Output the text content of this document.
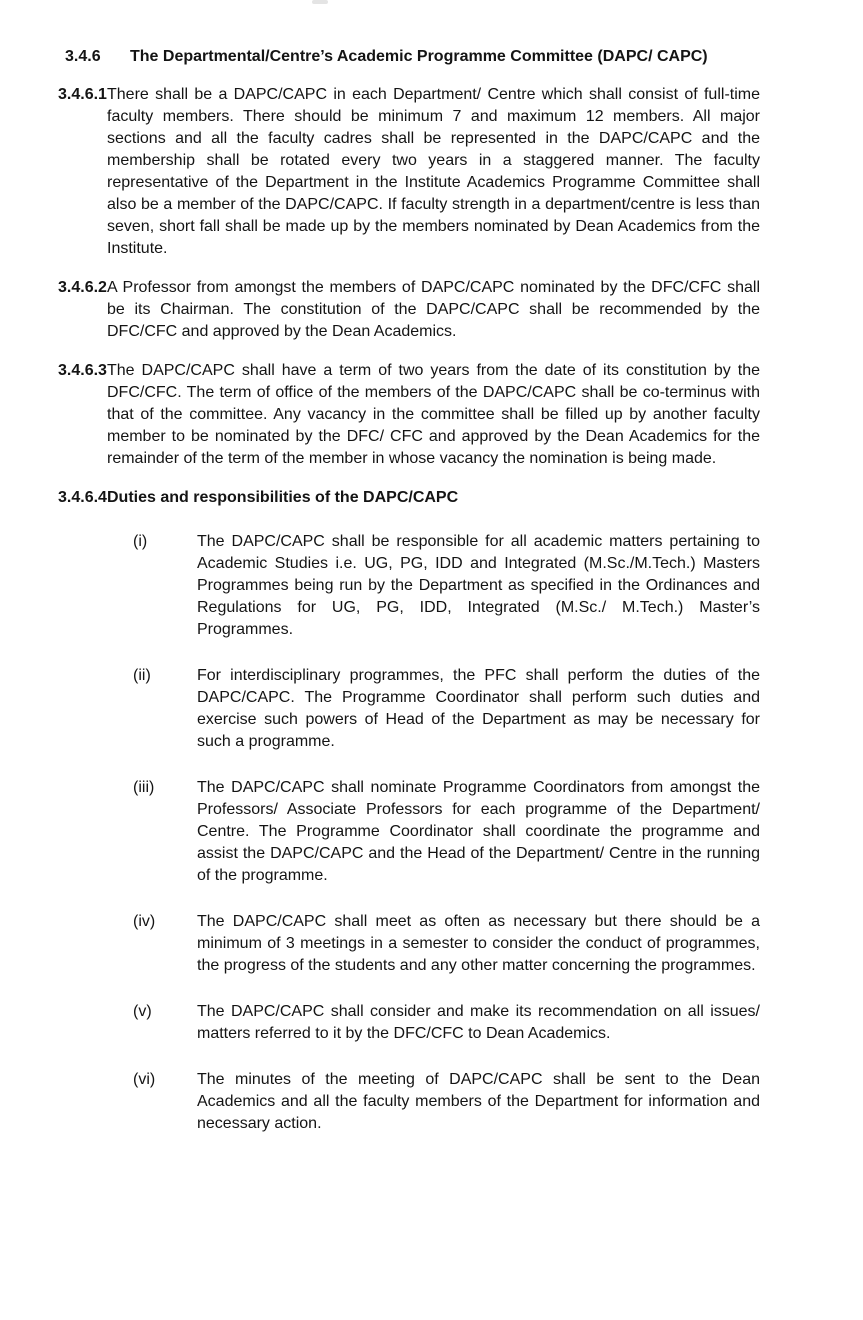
3.4.6	The Departmental/Centre’s Academic Programme Committee (DAPC/ CAPC)
3.4.6.1 There shall be a DAPC/CAPC in each Department/ Centre which shall consist of full-time faculty members. There should be minimum 7 and maximum 12 members. All major sections and all the faculty cadres shall be represented in the DAPC/CAPC and the membership shall be rotated every two years in a staggered manner. The faculty representative of the Department in the Institute Academics Programme Committee shall also be a member of the DAPC/CAPC. If faculty strength in a department/centre is less than seven, short fall shall be made up by the members nominated by Dean Academics from the Institute.
3.4.6.2 A Professor from amongst the members of DAPC/CAPC nominated by the DFC/CFC shall be its Chairman. The constitution of the DAPC/CAPC shall be recommended by the DFC/CFC and approved by the Dean Academics.
3.4.6.3 The DAPC/CAPC shall have a term of two years from the date of its constitution by the DFC/CFC. The term of office of the members of the DAPC/CAPC shall be co-terminus with that of the committee. Any vacancy in the committee shall be filled up by another faculty member to be nominated by the DFC/ CFC and approved by the Dean Academics for the remainder of the term of the member in whose vacancy the nomination is being made.
3.4.6.4 Duties and responsibilities of the DAPC/CAPC
(i)	The DAPC/CAPC shall be responsible for all academic matters pertaining to Academic Studies i.e. UG, PG, IDD and Integrated (M.Sc./M.Tech.) Masters Programmes being run by the Department as specified in the Ordinances and Regulations for UG, PG, IDD, Integrated (M.Sc./ M.Tech.) Master’s Programmes.
(ii)	For interdisciplinary programmes, the PFC shall perform the duties of the DAPC/CAPC. The Programme Coordinator shall perform such duties and exercise such powers of Head of the Department as may be necessary for such a programme.
(iii)	The DAPC/CAPC shall nominate Programme Coordinators from amongst the Professors/ Associate Professors for each programme of the Department/ Centre. The Programme Coordinator shall coordinate the programme and assist the DAPC/CAPC and the Head of the Department/ Centre in the running of the programme.
(iv)	The DAPC/CAPC shall meet as often as necessary but there should be a minimum of 3 meetings in a semester to consider the conduct of programmes, the progress of the students and any other matter concerning the programmes.
(v)	The DAPC/CAPC shall consider and make its recommendation on all issues/ matters referred to it by the DFC/CFC to Dean Academics.
(vi)	The minutes of the meeting of DAPC/CAPC shall be sent to the Dean Academics and all the faculty members of the Department for information and necessary action.
